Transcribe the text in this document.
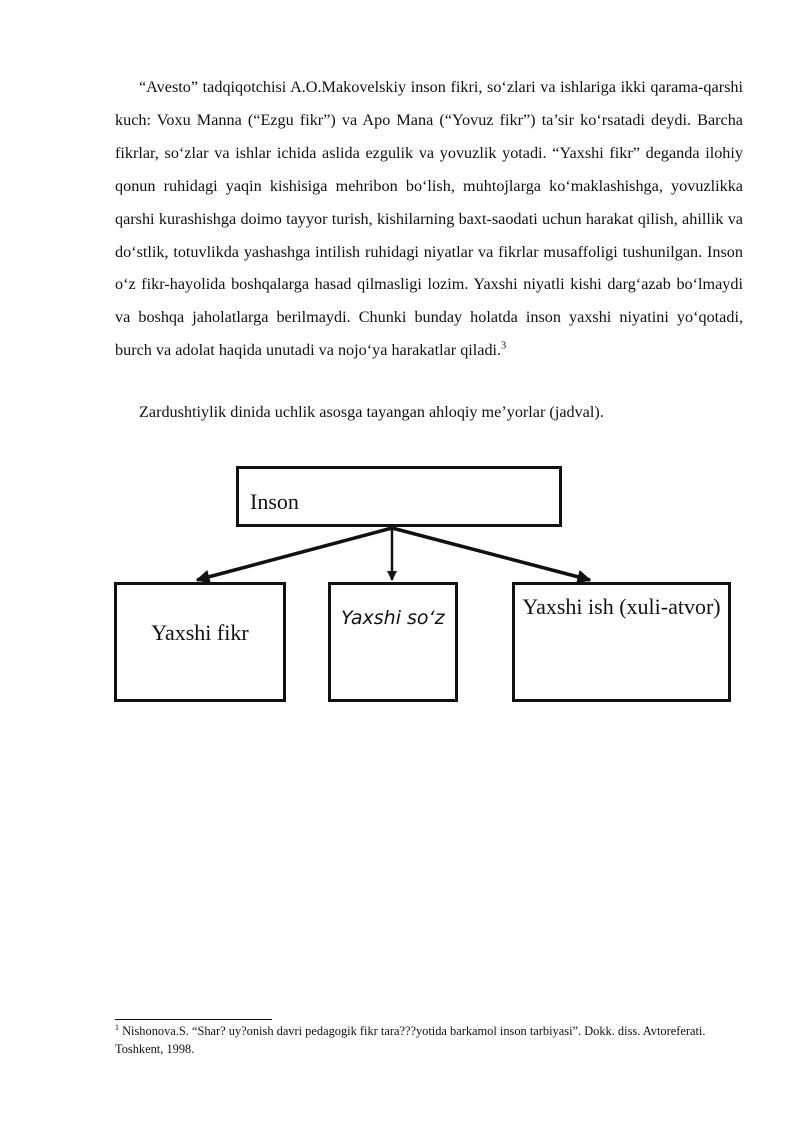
“Avesto” tadqiqotchisi A.O.Makovelskiy inson fikri, so‘zlari va ishlariga ikki qarama-qarshi kuch: Voxu Manna (“Ezgu fikr”) va Apo Mana (“Yovuz fikr”) ta’sir ko‘rsatadi deydi. Barcha fikrlar, so‘zlar va ishlar ichida aslida ezgulik va yovuzlik yotadi. “Yaxshi fikr” deganda ilohiy qonun ruhidagi yaqin kishisiga mehribon bo‘lish, muhtojlarga ko‘maklashishga, yovuzlikka qarshi kurashishga doimo tayyor turish, kishilarning baxt-saodati uchun harakat qilish, ahillik va do‘stlik, totuvlikda yashashga intilish ruhidagi niyatlar va fikrlar musaffoligi tushunilgan. Inson o‘z fikr-hayolida boshqalarga hasad qilmasligi lozim. Yaxshi niyatli kishi darg‘azab bo‘lmaydi va boshqa jaholatlarga berilmaydi. Chunki bunday holatda inson yaxshi niyatini yo‘qotadi, burch va adolat haqida unutadi va nojo‘ya harakatlar qiladi.$^3$

Zardushtiylik dinida uchlik asosga tayangan ahloqiy me’yorlar (jadval).

Inson
Yaxshi fikr
Yaxshi so‘z	Yaxshi ish (xuli-atvor)

$^1$ Nishonova.S. “Shar? uy?onish davri pedagogik fikr tara???yotida barkamol inson tarbiyasi”. Dokk. diss. Avtoreferati. Toshkent, 1998.
